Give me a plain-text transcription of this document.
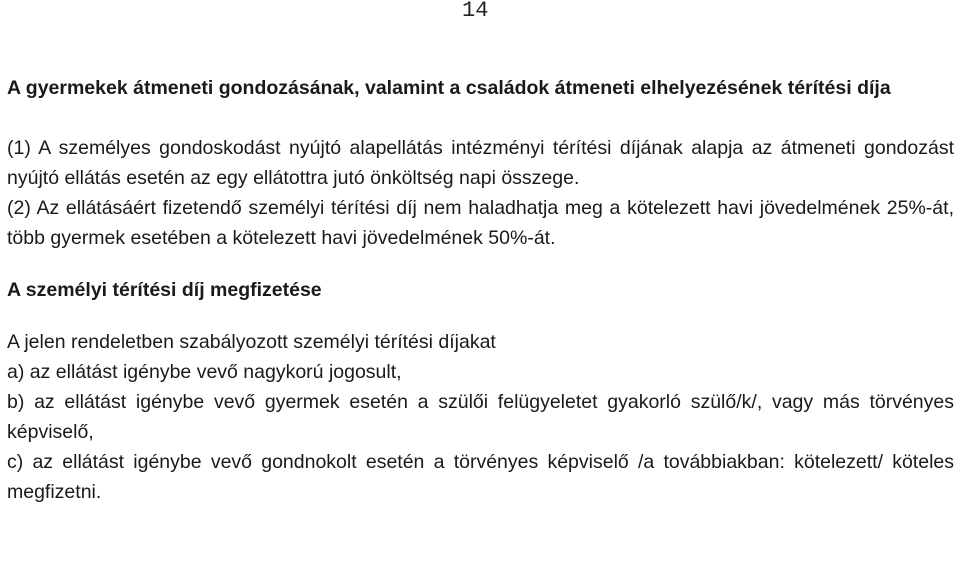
14
A gyermekek átmeneti gondozásának, valamint a családok átmeneti elhelyezésének térítési díja

(1) A személyes gondoskodást nyújtó alapellátás intézményi térítési díjának alapja az átmeneti gondozást nyújtó ellátás esetén az egy ellátottra jutó önköltség napi összege.

(2) Az ellátásáért fizetendő személyi térítési díj nem haladhatja meg a kötelezett havi jövedelmének 25%-át, több gyermek esetében a kötelezett havi jövedelmének 50%-át.

A személyi térítési díj megfizetése

A jelen rendeletben szabályozott személyi térítési díjakat

a) az ellátást igénybe vevő nagykorú jogosult,

b) az ellátást igénybe vevő gyermek esetén a szülői felügyeletet gyakorló szülő/k/, vagy más törvényes képviselő,

c) az ellátást igénybe vevő gondnokolt esetén a törvényes képviselő /a továbbiakban: kötelezett/ köteles megfizetni.
